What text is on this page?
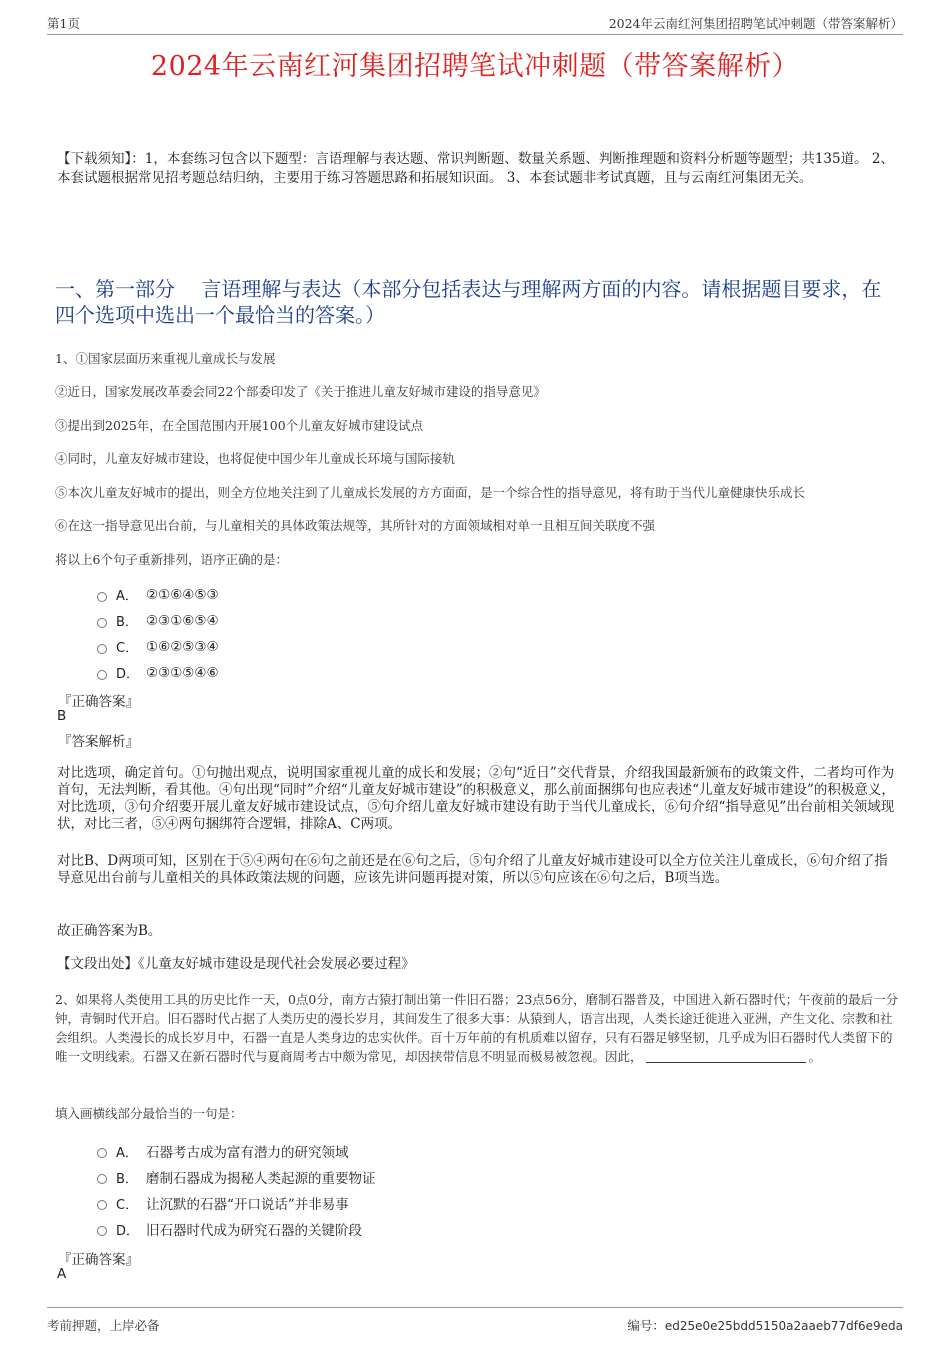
第1页	2024年云南红河集团招聘笔试冲刺题（带答案解析）
2024年云南红河集团招聘笔试冲刺题（带答案解析）
【下载须知】：1，本套练习包含以下题型：言语理解与表达题、常识判断题、数量关系题、判断推理题和资料分析题等题型；共135道。 2、本套试题根据常见招考题总结归纳，主要用于练习答题思路和拓展知识面。 3、本套试题非考试真题，且与云南红河集团无关。
一、第一部分　 言语理解与表达（本部分包括表达与理解两方面的内容。请根据题目要求，在四个选项中选出一个最恰当的答案。）
1、①国家层面历来重视儿童成长与发展
②近日，国家发展改革委会同22个部委印发了《关于推进儿童友好城市建设的指导意见》
③提出到2025年，在全国范围内开展100个儿童友好城市建设试点
④同时，儿童友好城市建设，也将促使中国少年儿童成长环境与国际接轨
⑤本次儿童友好城市的提出，则全方位地关注到了儿童成长发展的方方面面，是一个综合性的指导意见，将有助于当代儿童健康快乐成长
⑥在这一指导意见出台前，与儿童相关的具体政策法规等，其所针对的方面领域相对单一且相互间关联度不强
将以上6个句子重新排列，语序正确的是：
A． ②①⑥④⑤③
B． ②③①⑥⑤④
C． ①⑥②⑤③④
D． ②③①⑤④⑥
『正确答案』
B
『答案解析』
对比选项，确定首句。①句抛出观点，说明国家重视儿童的成长和发展；②句“近日”交代背景，介绍我国最新颁布的政策文件，二者均可作为首句，无法判断，看其他。④句出现“同时”介绍“儿童友好城市建设”的积极意义，那么前面捆绑句也应表述“儿童友好城市建设”的积极意义，对比选项，③句介绍要开展儿童友好城市建设试点，⑤句介绍儿童友好城市建设有助于当代儿童成长，⑥句介绍“指导意见”出台前相关领域现状，对比三者，⑤④两句捆绑符合逻辑，排除A、C两项。
对比B、D两项可知，区别在于⑤④两句在⑥句之前还是在⑥句之后，⑤句介绍了儿童友好城市建设可以全方位关注儿童成长，⑥句介绍了指导意见出台前与儿童相关的具体政策法规的问题，应该先讲问题再提对策，所以⑤句应该在⑥句之后，B项当选。
故正确答案为B。
【文段出处】《儿童友好城市建设是现代社会发展必要过程》
2、如果将人类使用工具的历史比作一天，0点0分，南方古猿打制出第一件旧石器；23点56分，磨制石器普及，中国进入新石器时代；午夜前的最后一分钟，青铜时代开启。旧石器时代占据了人类历史的漫长岁月，其间发生了很多大事：从猿到人，语言出现，人类长途迁徙进入亚洲，产生文化、宗教和社会组织。人类漫长的成长岁月中，石器一直是人类身边的忠实伙伴。百十万年前的有机质难以留存，只有石器足够坚韧，几乎成为旧石器时代人类留下的唯一文明线索。石器又在新石器时代与夏商周考古中颇为常见，却因挟带信息不明显而极易被忽视。因此，	。
填入画横线部分最恰当的一句是：
A． 石器考古成为富有潜力的研究领域
B． 磨制石器成为揭秘人类起源的重要物证
C． 让沉默的石器“开口说话”并非易事
D． 旧石器时代成为研究石器的关键阶段
『正确答案』
A
考前押题，上岸必备	编号：ed25e0e25bdd5150a2aaeb77df6e9eda
